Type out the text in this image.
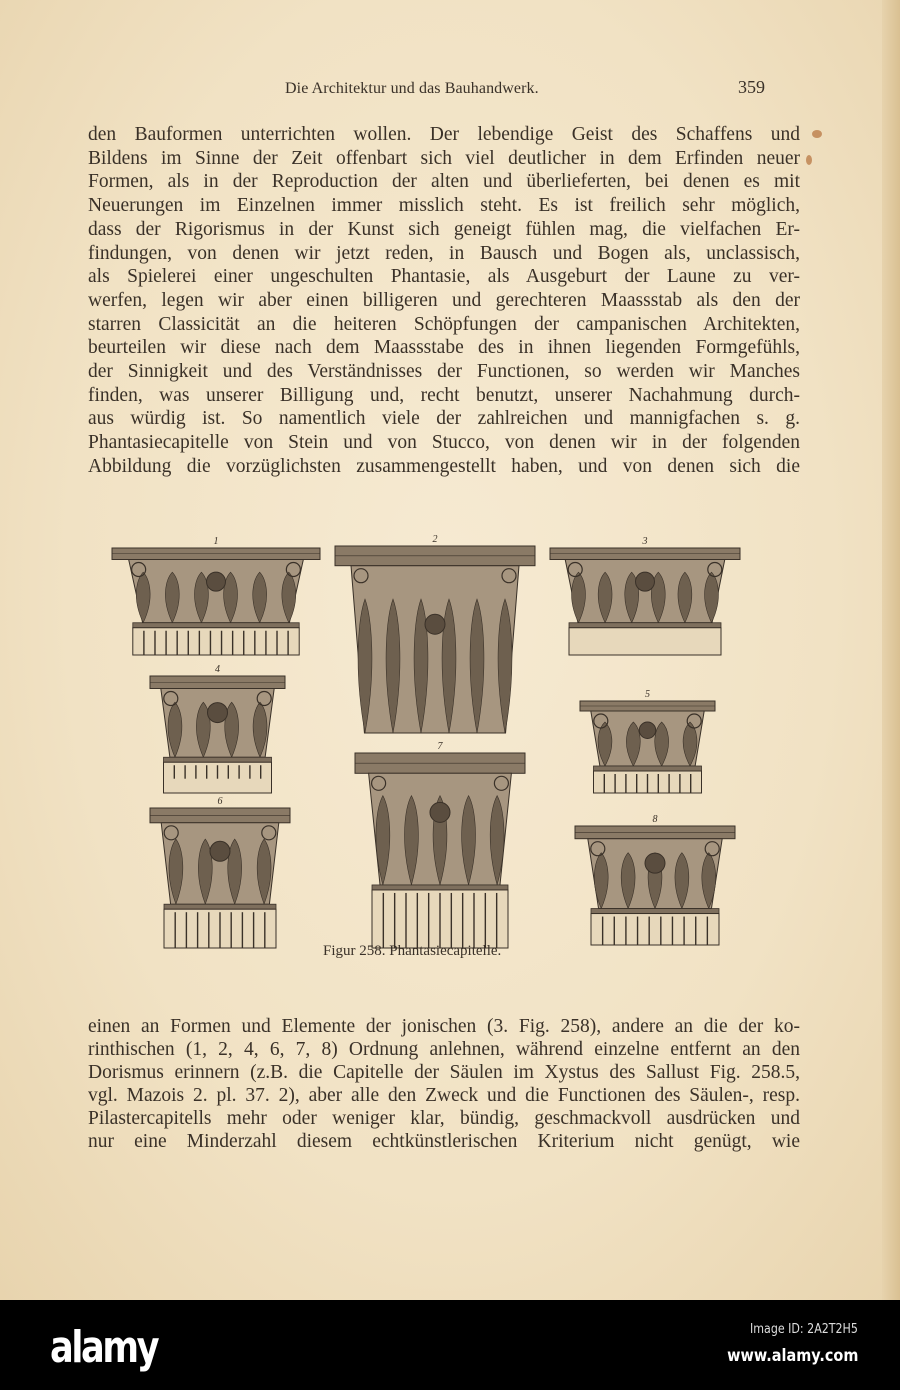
Die Architektur und das Bauhandwerk.	359
den Bauformen unterrichten wollen. Der lebendige Geist des Schaffens und
Bildens im Sinne der Zeit offenbart sich viel deutlicher in dem Erfinden neuer
Formen, als in der Reproduction der alten und überlieferten, bei denen es mit
Neuerungen im Einzelnen immer misslich steht. Es ist freilich sehr möglich,
dass der Rigorismus in der Kunst sich geneigt fühlen mag, die vielfachen Er-
findungen, von denen wir jetzt reden, in Bausch und Bogen als, unclassisch,
als Spielerei einer ungeschulten Phantasie, als Ausgeburt der Laune zu ver-
werfen, legen wir aber einen billigeren und gerechteren Maassstab als den der
starren Classicität an die heiteren Schöpfungen der campanischen Architekten,
beurteilen wir diese nach dem Maassstabe des in ihnen liegenden Formgefühls,
der Sinnigkeit und des Verständnisses der Functionen, so werden wir Manches
finden, was unserer Billigung und, recht benutzt, unserer Nachahmung durch-
aus würdig ist. So namentlich viele der zahlreichen und mannigfachen s. g.
Phantasiecapitelle von Stein und von Stucco, von denen wir in der folgenden
Abbildung die vorzüglichsten zusammengestellt haben, und von denen sich die
1	2	3
4
5
6
7
8
Figur 258. Phantasiecapitelle.
einen an Formen und Elemente der jonischen (3. Fig. 258), andere an die der ko-
rinthischen (1, 2, 4, 6, 7, 8) Ordnung anlehnen, während einzelne entfernt an den
Dorismus erinnern (z.B. die Capitelle der Säulen im Xystus des Sallust Fig. 258.5,
vgl. Mazois 2. pl. 37. 2), aber alle den Zweck und die Functionen des Säulen-, resp.
Pilastercapitells mehr oder weniger klar, bündig, geschmackvoll ausdrücken und
nur eine Minderzahl diesem echtkünstlerischen Kriterium nicht genügt, wie
alamy	Image ID: 2A2T2H5
www.alamy.com
